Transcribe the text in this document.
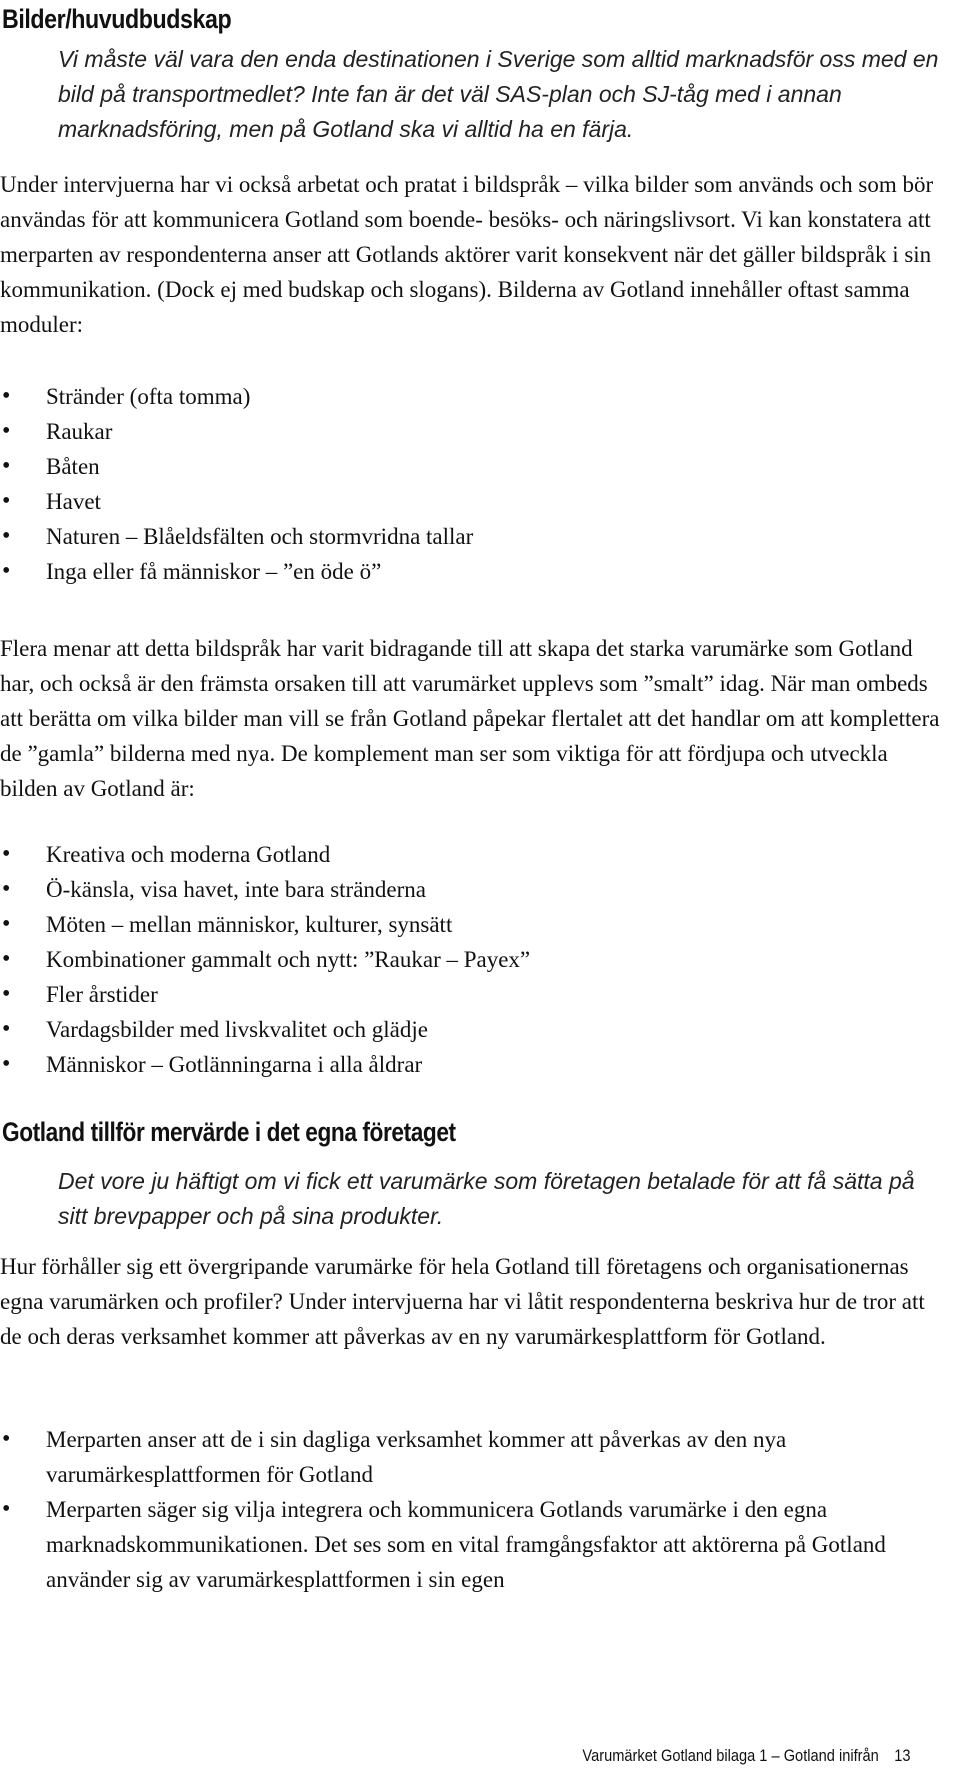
Bilder/huvudbudskap

Vi måste väl vara den enda destinationen i Sverige som alltid marknadsför oss med en bild på transportmedlet? Inte fan är det väl SAS-plan och SJ-tåg med i annan marknadsföring, men på Gotland ska vi alltid ha en färja.

Under intervjuerna har vi också arbetat och pratat i bildspråk – vilka bilder som används och som bör användas för att kommunicera Gotland som boende- besöks- och näringslivsort. Vi kan konstatera att merparten av respondenterna anser att Gotlands aktörer varit konsekvent när det gäller bildspråk i sin kommunikation. (Dock ej med budskap och slogans). Bilderna av Gotland innehåller oftast samma moduler:

• Stränder (ofta tomma)
• Raukar
• Båten
• Havet
• Naturen – Blåeldsfälten och stormvridna tallar
• Inga eller få människor – ”en öde ö”

Flera menar att detta bildspråk har varit bidragande till att skapa det starka varumärke som Gotland har, och också är den främsta orsaken till att varumärket upplevs som ”smalt” idag. När man ombeds att berätta om vilka bilder man vill se från Gotland påpekar flertalet att det handlar om att komplettera de ”gamla” bilderna med nya. De komplement man ser som viktiga för att fördjupa och utveckla bilden av Gotland är:

• Kreativa och moderna Gotland
• Ö-känsla, visa havet, inte bara stränderna
• Möten – mellan människor, kulturer, synsätt
• Kombinationer gammalt och nytt: ”Raukar – Payex”
• Fler årstider
• Vardagsbilder med livskvalitet och glädje
• Människor – Gotlänningarna i alla åldrar
Gotland tillför mervärde i det egna företaget

Det vore ju häftigt om vi fick ett varumärke som företagen betalade för att få sätta på sitt brevpapper och på sina produkter.

Hur förhåller sig ett övergripande varumärke för hela Gotland till företagens och organisationernas egna varumärken och profiler? Under intervjuerna har vi låtit respondenterna beskriva hur de tror att de och deras verksamhet kommer att påverkas av en ny varumärkesplattform för Gotland.

• Merparten anser att de i sin dagliga verksamhet kommer att påverkas av den nya varumärkesplattformen för Gotland
• Merparten säger sig vilja integrera och kommunicera Gotlands varumärke i den egna marknadskommunikationen. Det ses som en vital framgångsfaktor att aktörerna på Gotland använder sig av varumärkesplattformen i sin egen
Varumärket Gotland bilaga 1 – Gotland inifrån 13
